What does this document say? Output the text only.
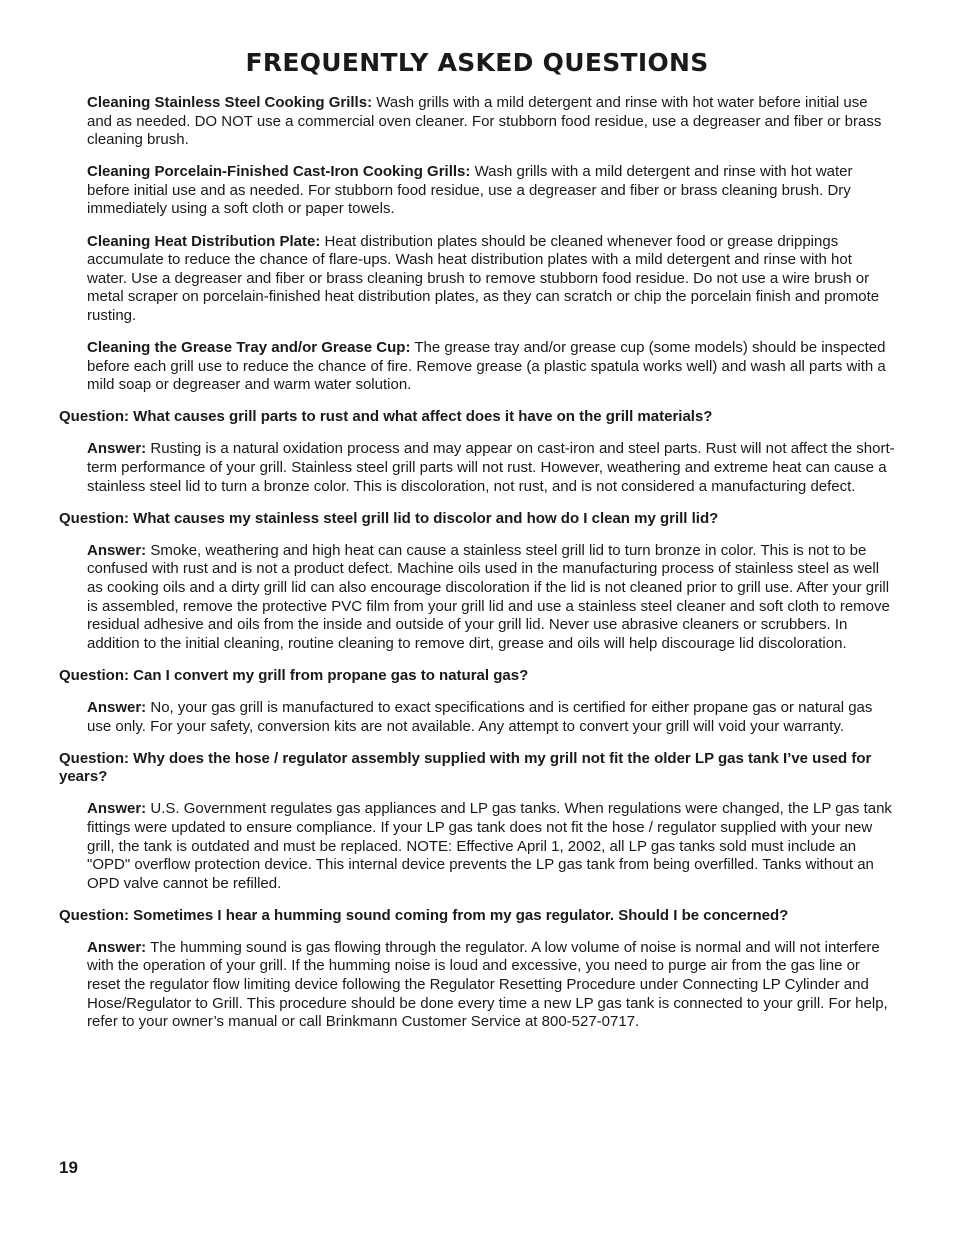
FREQUENTLY ASKED QUESTIONS

Cleaning Stainless Steel Cooking Grills: Wash grills with a mild detergent and rinse with hot water before initial use and as needed. DO NOT use a commercial oven cleaner. For stubborn food residue, use a degreaser and fiber or brass cleaning brush.

Cleaning Porcelain-Finished Cast-Iron Cooking Grills: Wash grills with a mild detergent and rinse with hot water before initial use and as needed. For stubborn food residue, use a degreaser and fiber or brass cleaning brush. Dry immediately using a soft cloth or paper towels.

Cleaning Heat Distribution Plate: Heat distribution plates should be cleaned whenever food or grease drippings accumulate to reduce the chance of flare-ups. Wash heat distribution plates with a mild detergent and rinse with hot water. Use a degreaser and fiber or brass cleaning brush to remove stubborn food residue. Do not use a wire brush or metal scraper on porcelain-finished heat distribution plates, as they can scratch or chip the porcelain finish and promote rusting.

Cleaning the Grease Tray and/or Grease Cup: The grease tray and/or grease cup (some models) should be inspected before each grill use to reduce the chance of fire. Remove grease (a plastic spatula works well) and wash all parts with a mild soap or degreaser and warm water solution.

Question: What causes grill parts to rust and what affect does it have on the grill materials?

Answer: Rusting is a natural oxidation process and may appear on cast-iron and steel parts. Rust will not affect the short-term performance of your grill. Stainless steel grill parts will not rust. However, weathering and extreme heat can cause a stainless steel lid to turn a bronze color. This is discoloration, not rust, and is not considered a manufacturing defect.

Question: What causes my stainless steel grill lid to discolor and how do I clean my grill lid?

Answer: Smoke, weathering and high heat can cause a stainless steel grill lid to turn bronze in color. This is not to be confused with rust and is not a product defect. Machine oils used in the manufacturing process of stainless steel as well as cooking oils and a dirty grill lid can also encourage discoloration if the lid is not cleaned prior to grill use. After your grill is assembled, remove the protective PVC film from your grill lid and use a stainless steel cleaner and soft cloth to remove residual adhesive and oils from the inside and outside of your grill lid. Never use abrasive cleaners or scrubbers. In addition to the initial cleaning, routine cleaning to remove dirt, grease and oils will help discourage lid discoloration.

Question: Can I convert my grill from propane gas to natural gas?

Answer: No, your gas grill is manufactured to exact specifications and is certified for either propane gas or natural gas use only. For your safety, conversion kits are not available. Any attempt to convert your grill will void your warranty.

Question: Why does the hose / regulator assembly supplied with my grill not fit the older LP gas tank I’ve used for years?

Answer: U.S. Government regulates gas appliances and LP gas tanks. When regulations were changed, the LP gas tank fittings were updated to ensure compliance. If your LP gas tank does not fit the hose / regulator supplied with your new grill, the tank is outdated and must be replaced. NOTE: Effective April 1, 2002, all LP gas tanks sold must include an "OPD" overflow protection device. This internal device prevents the LP gas tank from being overfilled. Tanks without an OPD valve cannot be refilled.

Question: Sometimes I hear a humming sound coming from my gas regulator. Should I be concerned?

Answer: The humming sound is gas flowing through the regulator. A low volume of noise is normal and will not interfere with the operation of your grill. If the humming noise is loud and excessive, you need to purge air from the gas line or reset the regulator flow limiting device following the Regulator Resetting Procedure under Connecting LP Cylinder and Hose/Regulator to Grill. This procedure should be done every time a new LP gas tank is connected to your grill. For help, refer to your owner’s manual or call Brinkmann Customer Service at 800-527-0717.

19
